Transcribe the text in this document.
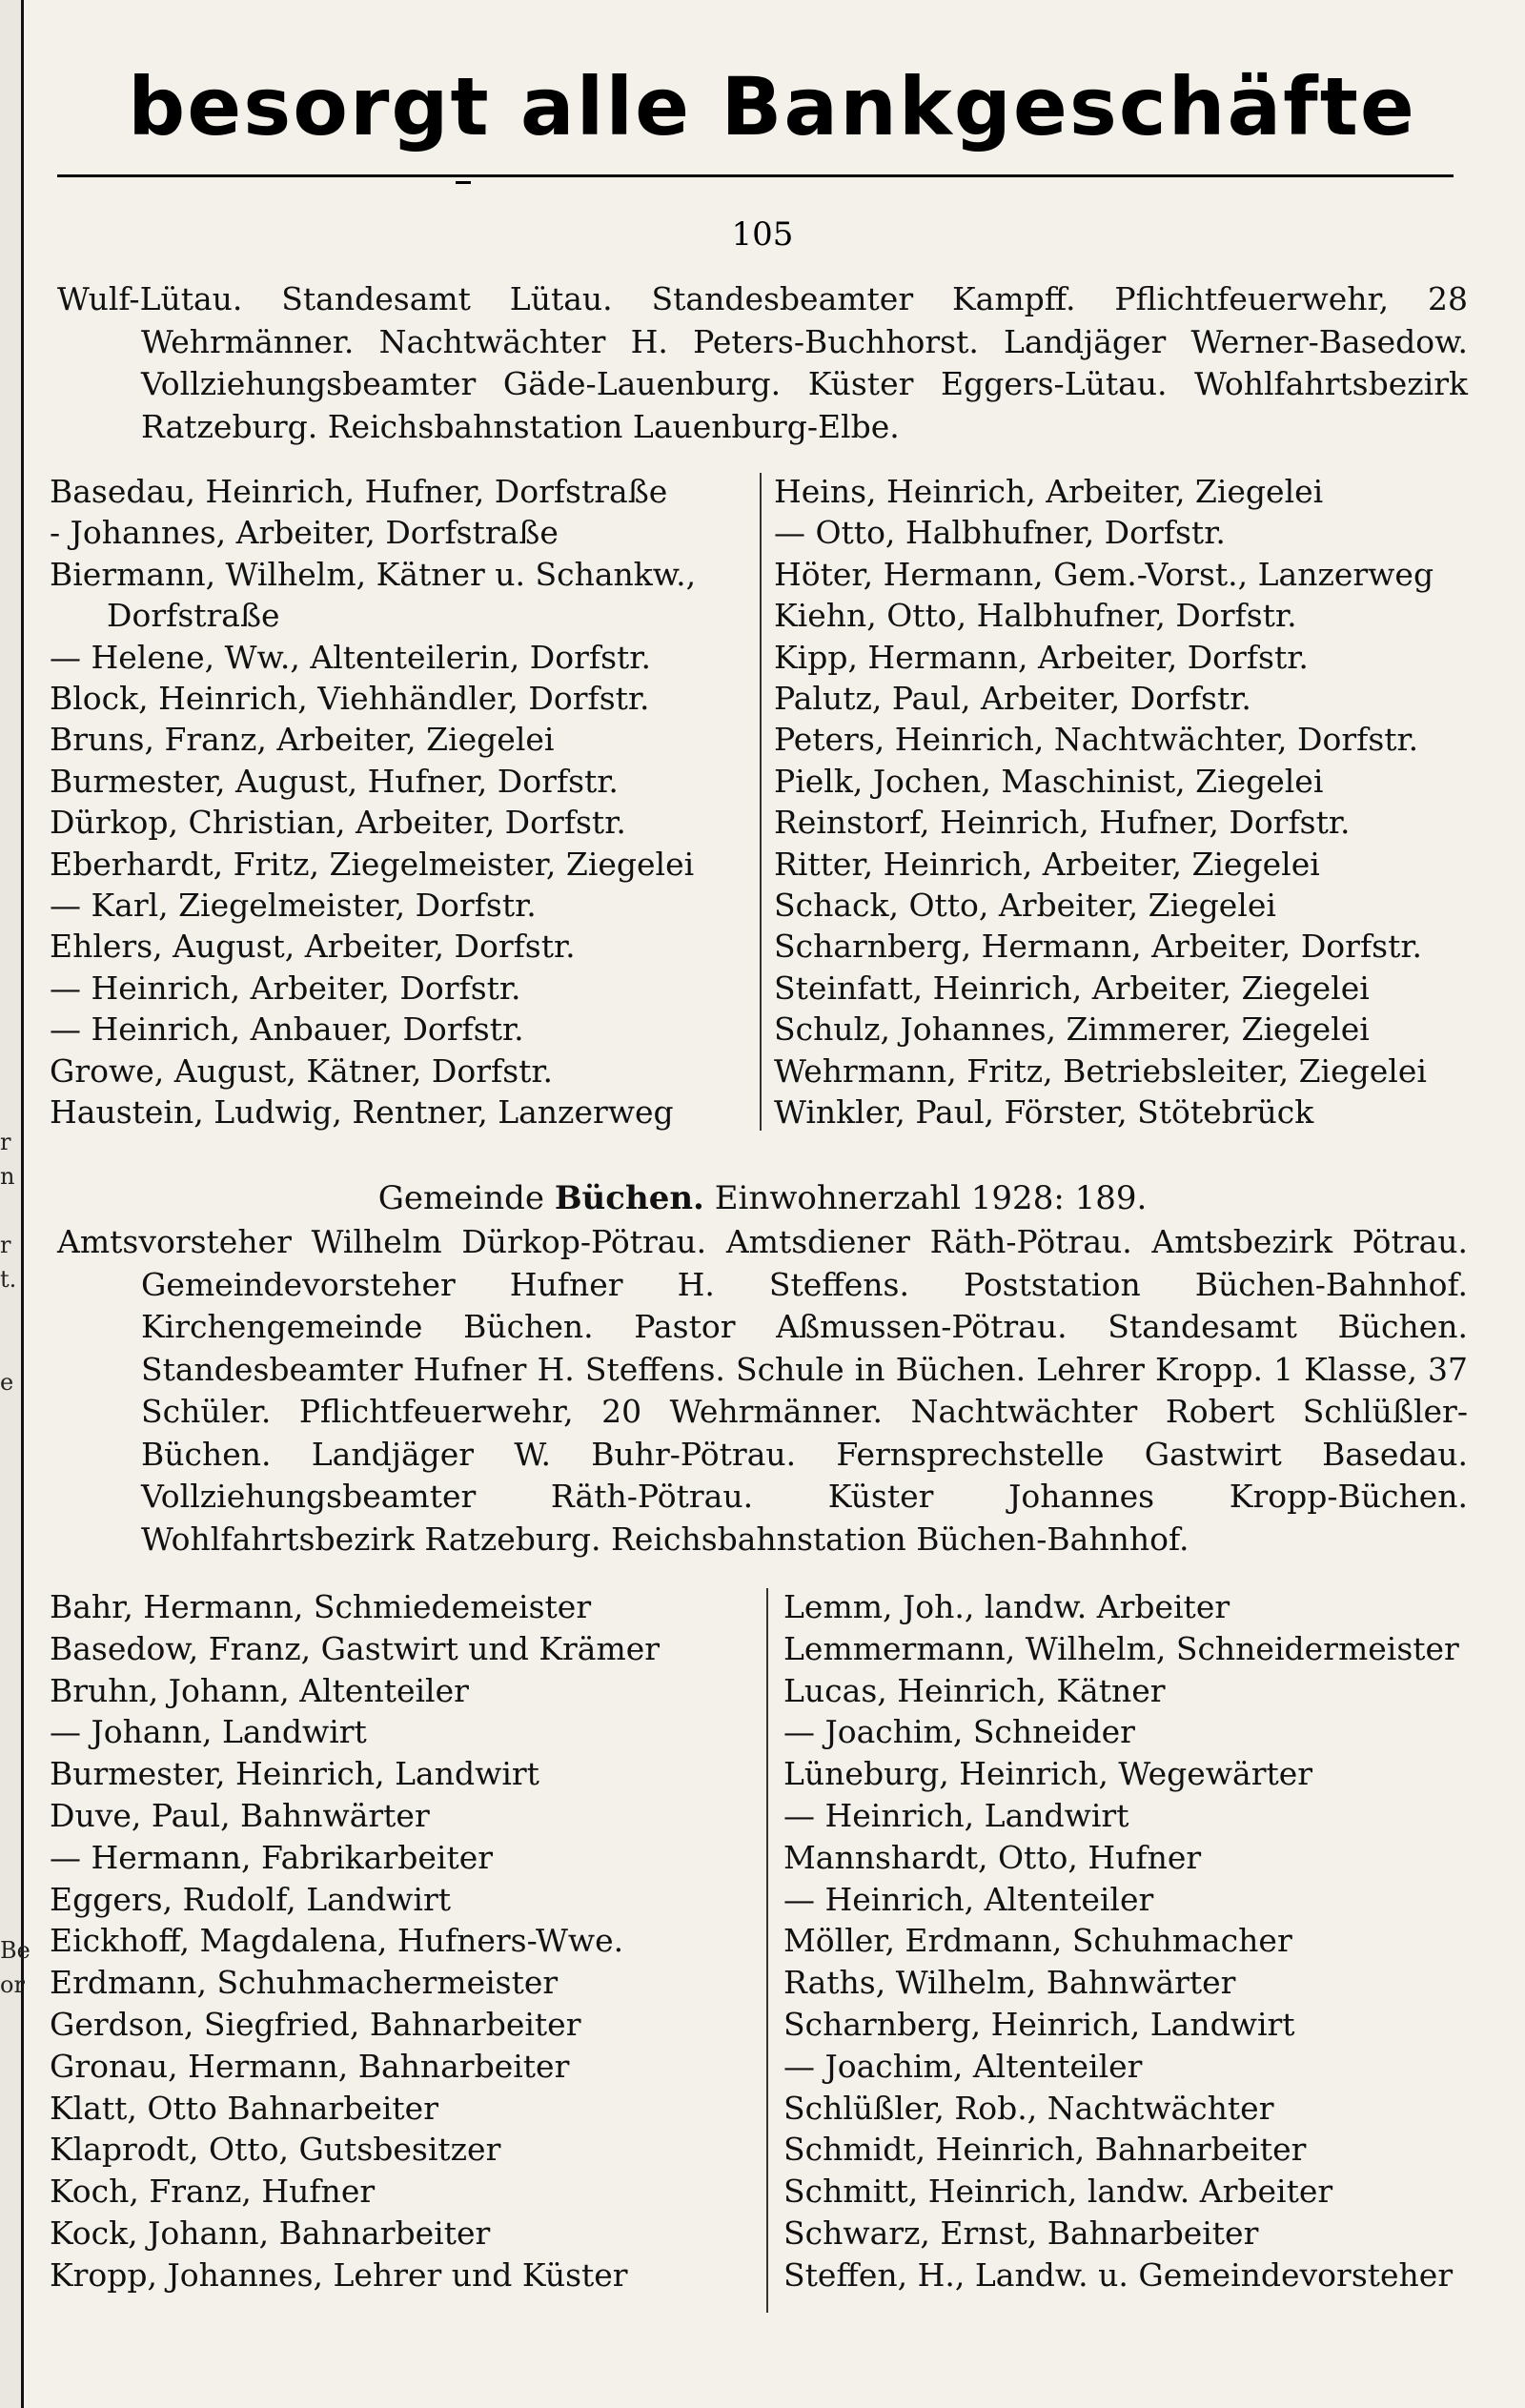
r
n
r
t.
e
Be
or
besorgt alle Bankgeschäfte
105
Wulf-Lütau. Standesamt Lütau. Standesbeamter Kampff. Pflichtfeuerwehr, 28 Wehrmänner. Nachtwächter H. Peters-Buchhorst. Landjäger Werner-Basedow. Vollziehungsbeamter Gäde-Lauenburg. Küster Eggers-Lütau. Wohlfahrtsbezirk Ratzeburg. Reichsbahnstation Lauenburg-Elbe.
Basedau, Heinrich, Hufner, Dorfstraße
- Johannes, Arbeiter, Dorfstraße
Biermann, Wilhelm, Kätner u. Schankw.,
Dorfstraße
— Helene, Ww., Altenteilerin, Dorfstr.
Block, Heinrich, Viehhändler, Dorfstr.
Bruns, Franz, Arbeiter, Ziegelei
Burmester, August, Hufner, Dorfstr.
Dürkop, Christian, Arbeiter, Dorfstr.
Eberhardt, Fritz, Ziegelmeister, Ziegelei
— Karl, Ziegelmeister, Dorfstr.
Ehlers, August, Arbeiter, Dorfstr.
— Heinrich, Arbeiter, Dorfstr.
— Heinrich, Anbauer, Dorfstr.
Growe, August, Kätner, Dorfstr.
Haustein, Ludwig, Rentner, Lanzerweg
Heins, Heinrich, Arbeiter, Ziegelei
— Otto, Halbhufner, Dorfstr.
Höter, Hermann, Gem.-Vorst., Lanzerweg
Kiehn, Otto, Halbhufner, Dorfstr.
Kipp, Hermann, Arbeiter, Dorfstr.
Palutz, Paul, Arbeiter, Dorfstr.
Peters, Heinrich, Nachtwächter, Dorfstr.
Pielk, Jochen, Maschinist, Ziegelei
Reinstorf, Heinrich, Hufner, Dorfstr.
Ritter, Heinrich, Arbeiter, Ziegelei
Schack, Otto, Arbeiter, Ziegelei
Scharnberg, Hermann, Arbeiter, Dorfstr.
Steinfatt, Heinrich, Arbeiter, Ziegelei
Schulz, Johannes, Zimmerer, Ziegelei
Wehrmann, Fritz, Betriebsleiter, Ziegelei
Winkler, Paul, Förster, Stötebrück
Gemeinde Büchen. Einwohnerzahl 1928: 189.
Amtsvorsteher Wilhelm Dürkop-Pötrau. Amtsdiener Räth-Pötrau. Amtsbezirk Pötrau. Gemeindevorsteher Hufner H. Steffens. Poststation Büchen-Bahnhof. Kirchengemeinde Büchen. Pastor Aßmussen-Pötrau. Standesamt Büchen. Standesbeamter Hufner H. Steffens. Schule in Büchen. Lehrer Kropp. 1 Klasse, 37 Schüler. Pflichtfeuerwehr, 20 Wehrmänner. Nachtwächter Robert Schlüßler-Büchen. Landjäger W. Buhr-Pötrau. Fernsprechstelle Gastwirt Basedau. Vollziehungsbeamter Räth-Pötrau. Küster Johannes Kropp-Büchen. Wohlfahrtsbezirk Ratzeburg. Reichsbahnstation Büchen-Bahnhof.
Bahr, Hermann, Schmiedemeister
Basedow, Franz, Gastwirt und Krämer
Bruhn, Johann, Altenteiler
— Johann, Landwirt
Burmester, Heinrich, Landwirt
Duve, Paul, Bahnwärter
— Hermann, Fabrikarbeiter
Eggers, Rudolf, Landwirt
Eickhoff, Magdalena, Hufners-Wwe.
Erdmann, Schuhmachermeister
Gerdson, Siegfried, Bahnarbeiter
Gronau, Hermann, Bahnarbeiter
Klatt, Otto Bahnarbeiter
Klaprodt, Otto, Gutsbesitzer
Koch, Franz, Hufner
Kock, Johann, Bahnarbeiter
Kropp, Johannes, Lehrer und Küster
Lemm, Joh., landw. Arbeiter
Lemmermann, Wilhelm, Schneidermeister
Lucas, Heinrich, Kätner
— Joachim, Schneider
Lüneburg, Heinrich, Wegewärter
— Heinrich, Landwirt
Mannshardt, Otto, Hufner
— Heinrich, Altenteiler
Möller, Erdmann, Schuhmacher
Raths, Wilhelm, Bahnwärter
Scharnberg, Heinrich, Landwirt
— Joachim, Altenteiler
Schlüßler, Rob., Nachtwächter
Schmidt, Heinrich, Bahnarbeiter
Schmitt, Heinrich, landw. Arbeiter
Schwarz, Ernst, Bahnarbeiter
Steffen, H., Landw. u. Gemeindevorsteher
